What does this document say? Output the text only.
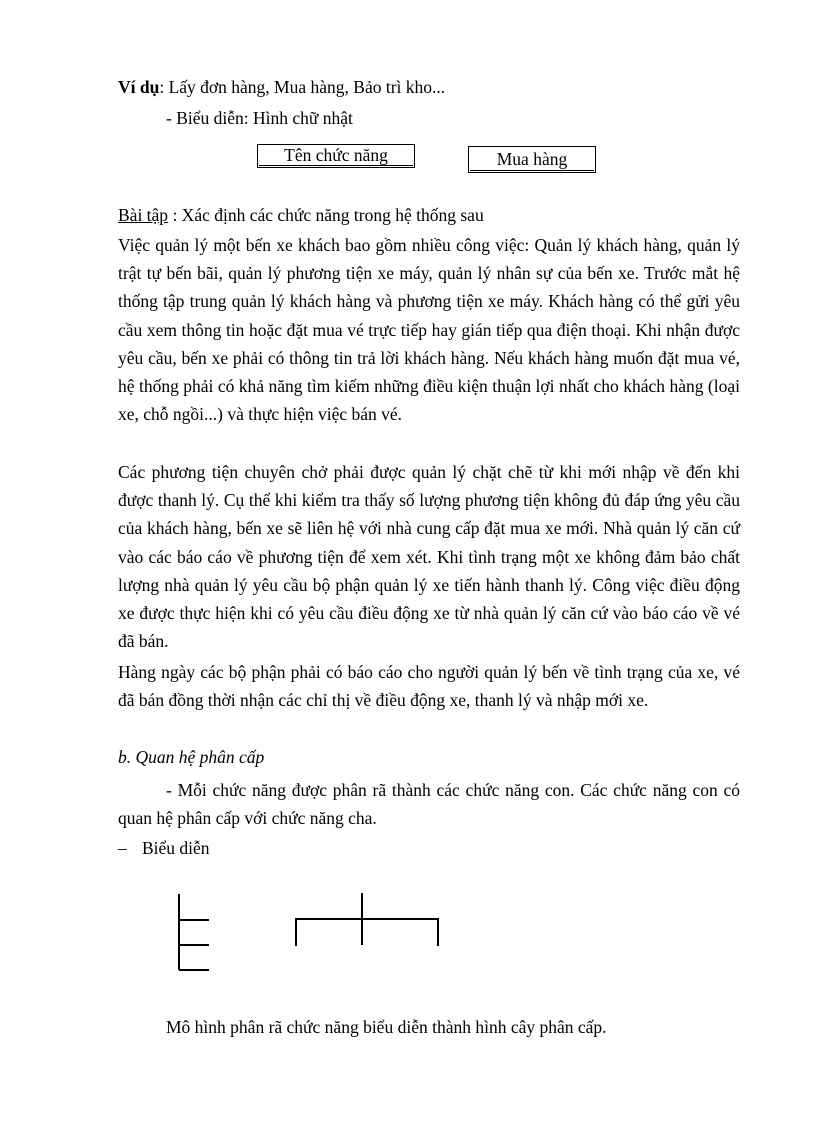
Ví dụ: Lấy đơn hàng, Mua hàng, Bảo trì kho...
- Biểu diễn: Hình chữ nhật
Tên chức năng	Mua hàng
Bài tập : Xác định các chức năng trong hệ thống sau
Việc quản lý một bến xe khách bao gồm nhiều công việc: Quản lý khách hàng, quản lý trật tự bến bãi, quản lý phương tiện xe máy, quản lý nhân sự của bến xe. Trước mắt hệ thống tập trung quản lý khách hàng và phương tiện xe máy. Khách hàng có thể gửi yêu cầu xem thông tin hoặc đặt mua vé trực tiếp hay gián tiếp qua điện thoại. Khi nhận được yêu cầu, bến xe phải có thông tin trả lời khách hàng. Nếu khách hàng muốn đặt mua vé, hệ thống phải có khả năng tìm kiếm những điều kiện thuận lợi nhất cho khách hàng (loại xe, chỗ ngồi...) và thực hiện việc bán vé.
Các phương tiện chuyên chở phải được quản lý chặt chẽ từ khi mới nhập về đến khi được thanh lý. Cụ thể khi kiểm tra thấy số lượng phương tiện không đủ đáp ứng yêu cầu của khách hàng, bến xe sẽ liên hệ với nhà cung cấp đặt mua xe mới. Nhà quản lý căn cứ vào các báo cáo về phương tiện để xem xét. Khi tình trạng một xe không đảm bảo chất lượng nhà quản lý yêu cầu bộ phận quản lý xe tiến hành thanh lý. Công việc điều động xe được thực hiện khi có yêu cầu điều động xe từ nhà quản lý căn cứ vào báo cáo về vé đã bán.
Hàng ngày các bộ phận phải có báo cáo cho người quản lý bến về tình trạng của xe, vé đã bán đồng thời nhận các chỉ thị về điều động xe, thanh lý và nhập mới xe.
b. Quan hệ phân cấp
- Mỗi chức năng được phân rã thành các chức năng con. Các chức năng con có quan hệ phân cấp với chức năng cha.
– Biểu diễn
Mô hình phân rã chức năng biểu diễn thành hình cây phân cấp.
